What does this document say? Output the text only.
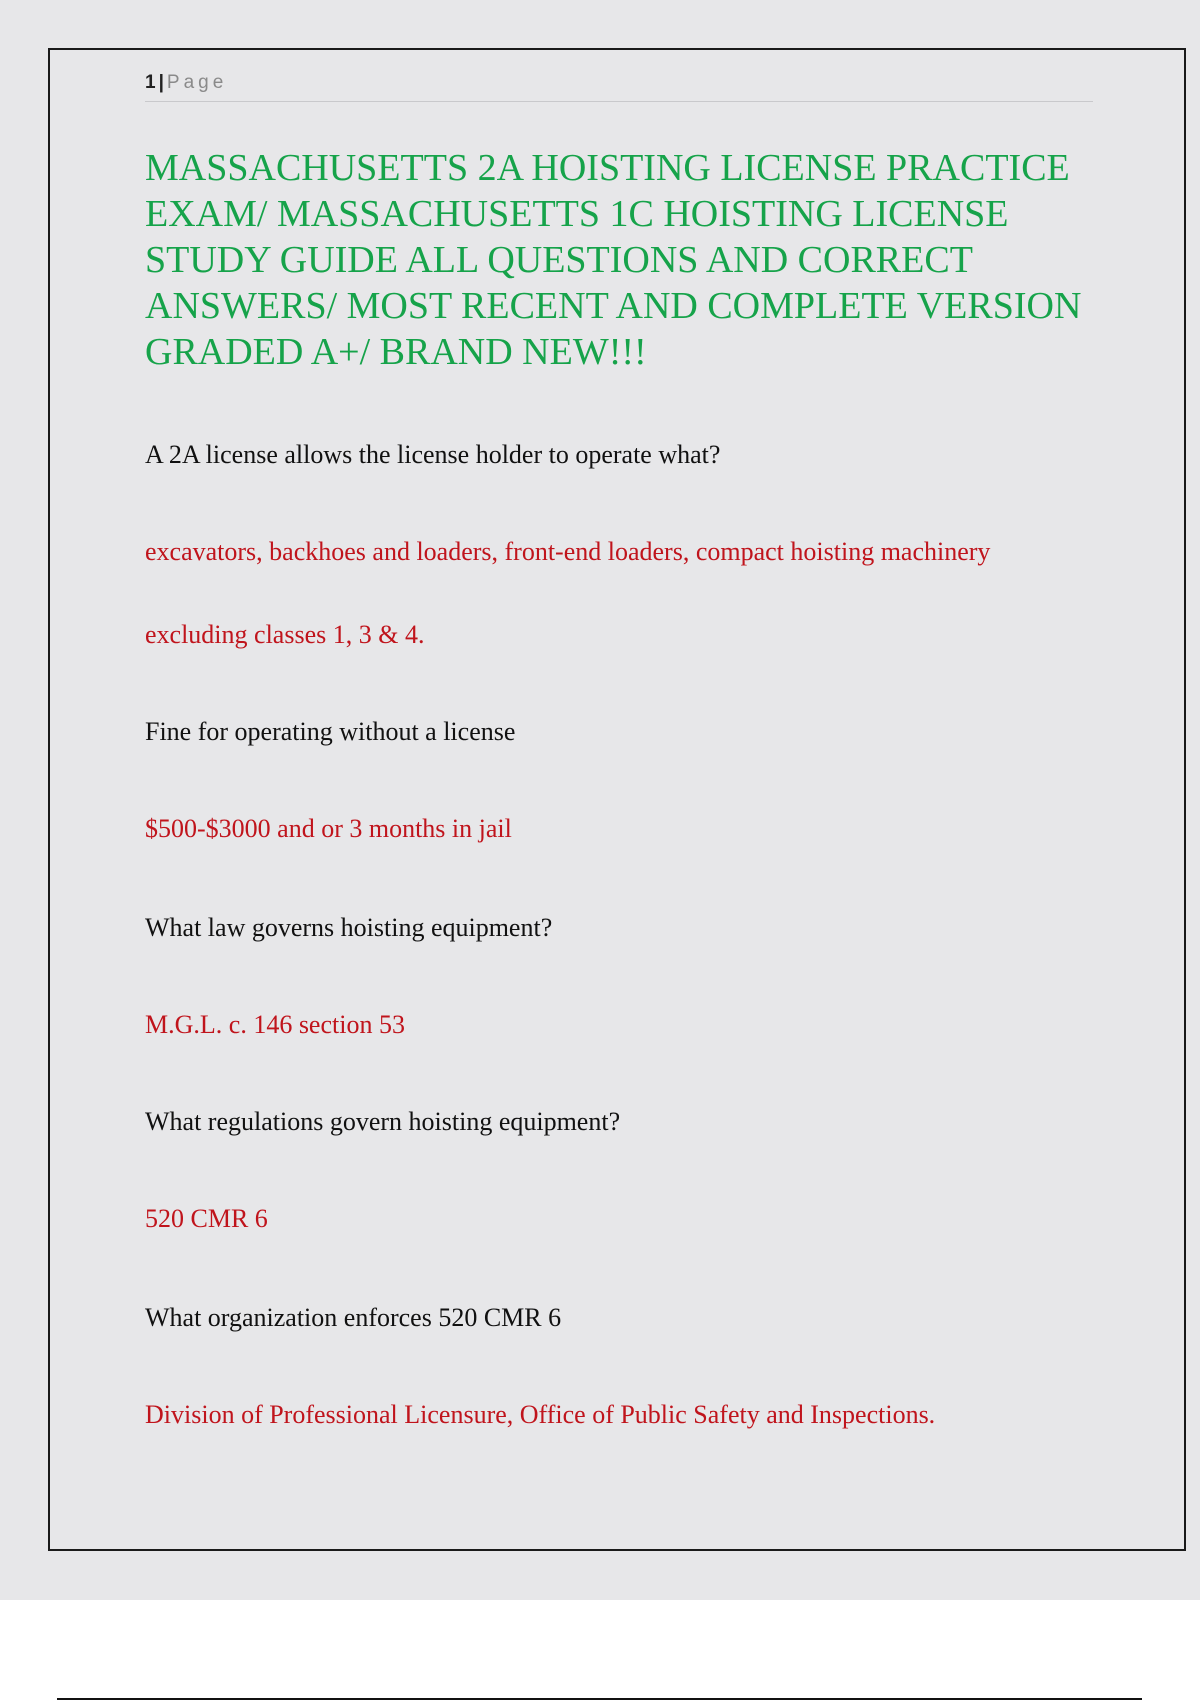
1 | Page
MASSACHUSETTS 2A HOISTING LICENSE PRACTICE EXAM/ MASSACHUSETTS 1C HOISTING LICENSE STUDY GUIDE ALL QUESTIONS AND CORRECT ANSWERS/ MOST RECENT AND COMPLETE VERSION GRADED A+/ BRAND NEW!!!

A 2A license allows the license holder to operate what?

excavators, backhoes and loaders, front-end loaders, compact hoisting machinery

excluding classes 1, 3 & 4.

Fine for operating without a license

$500-$3000 and or 3 months in jail

What law governs hoisting equipment?

M.G.L. c. 146 section 53

What regulations govern hoisting equipment?

520 CMR 6

What organization enforces 520 CMR 6

Division of Professional Licensure, Office of Public Safety and Inspections.
